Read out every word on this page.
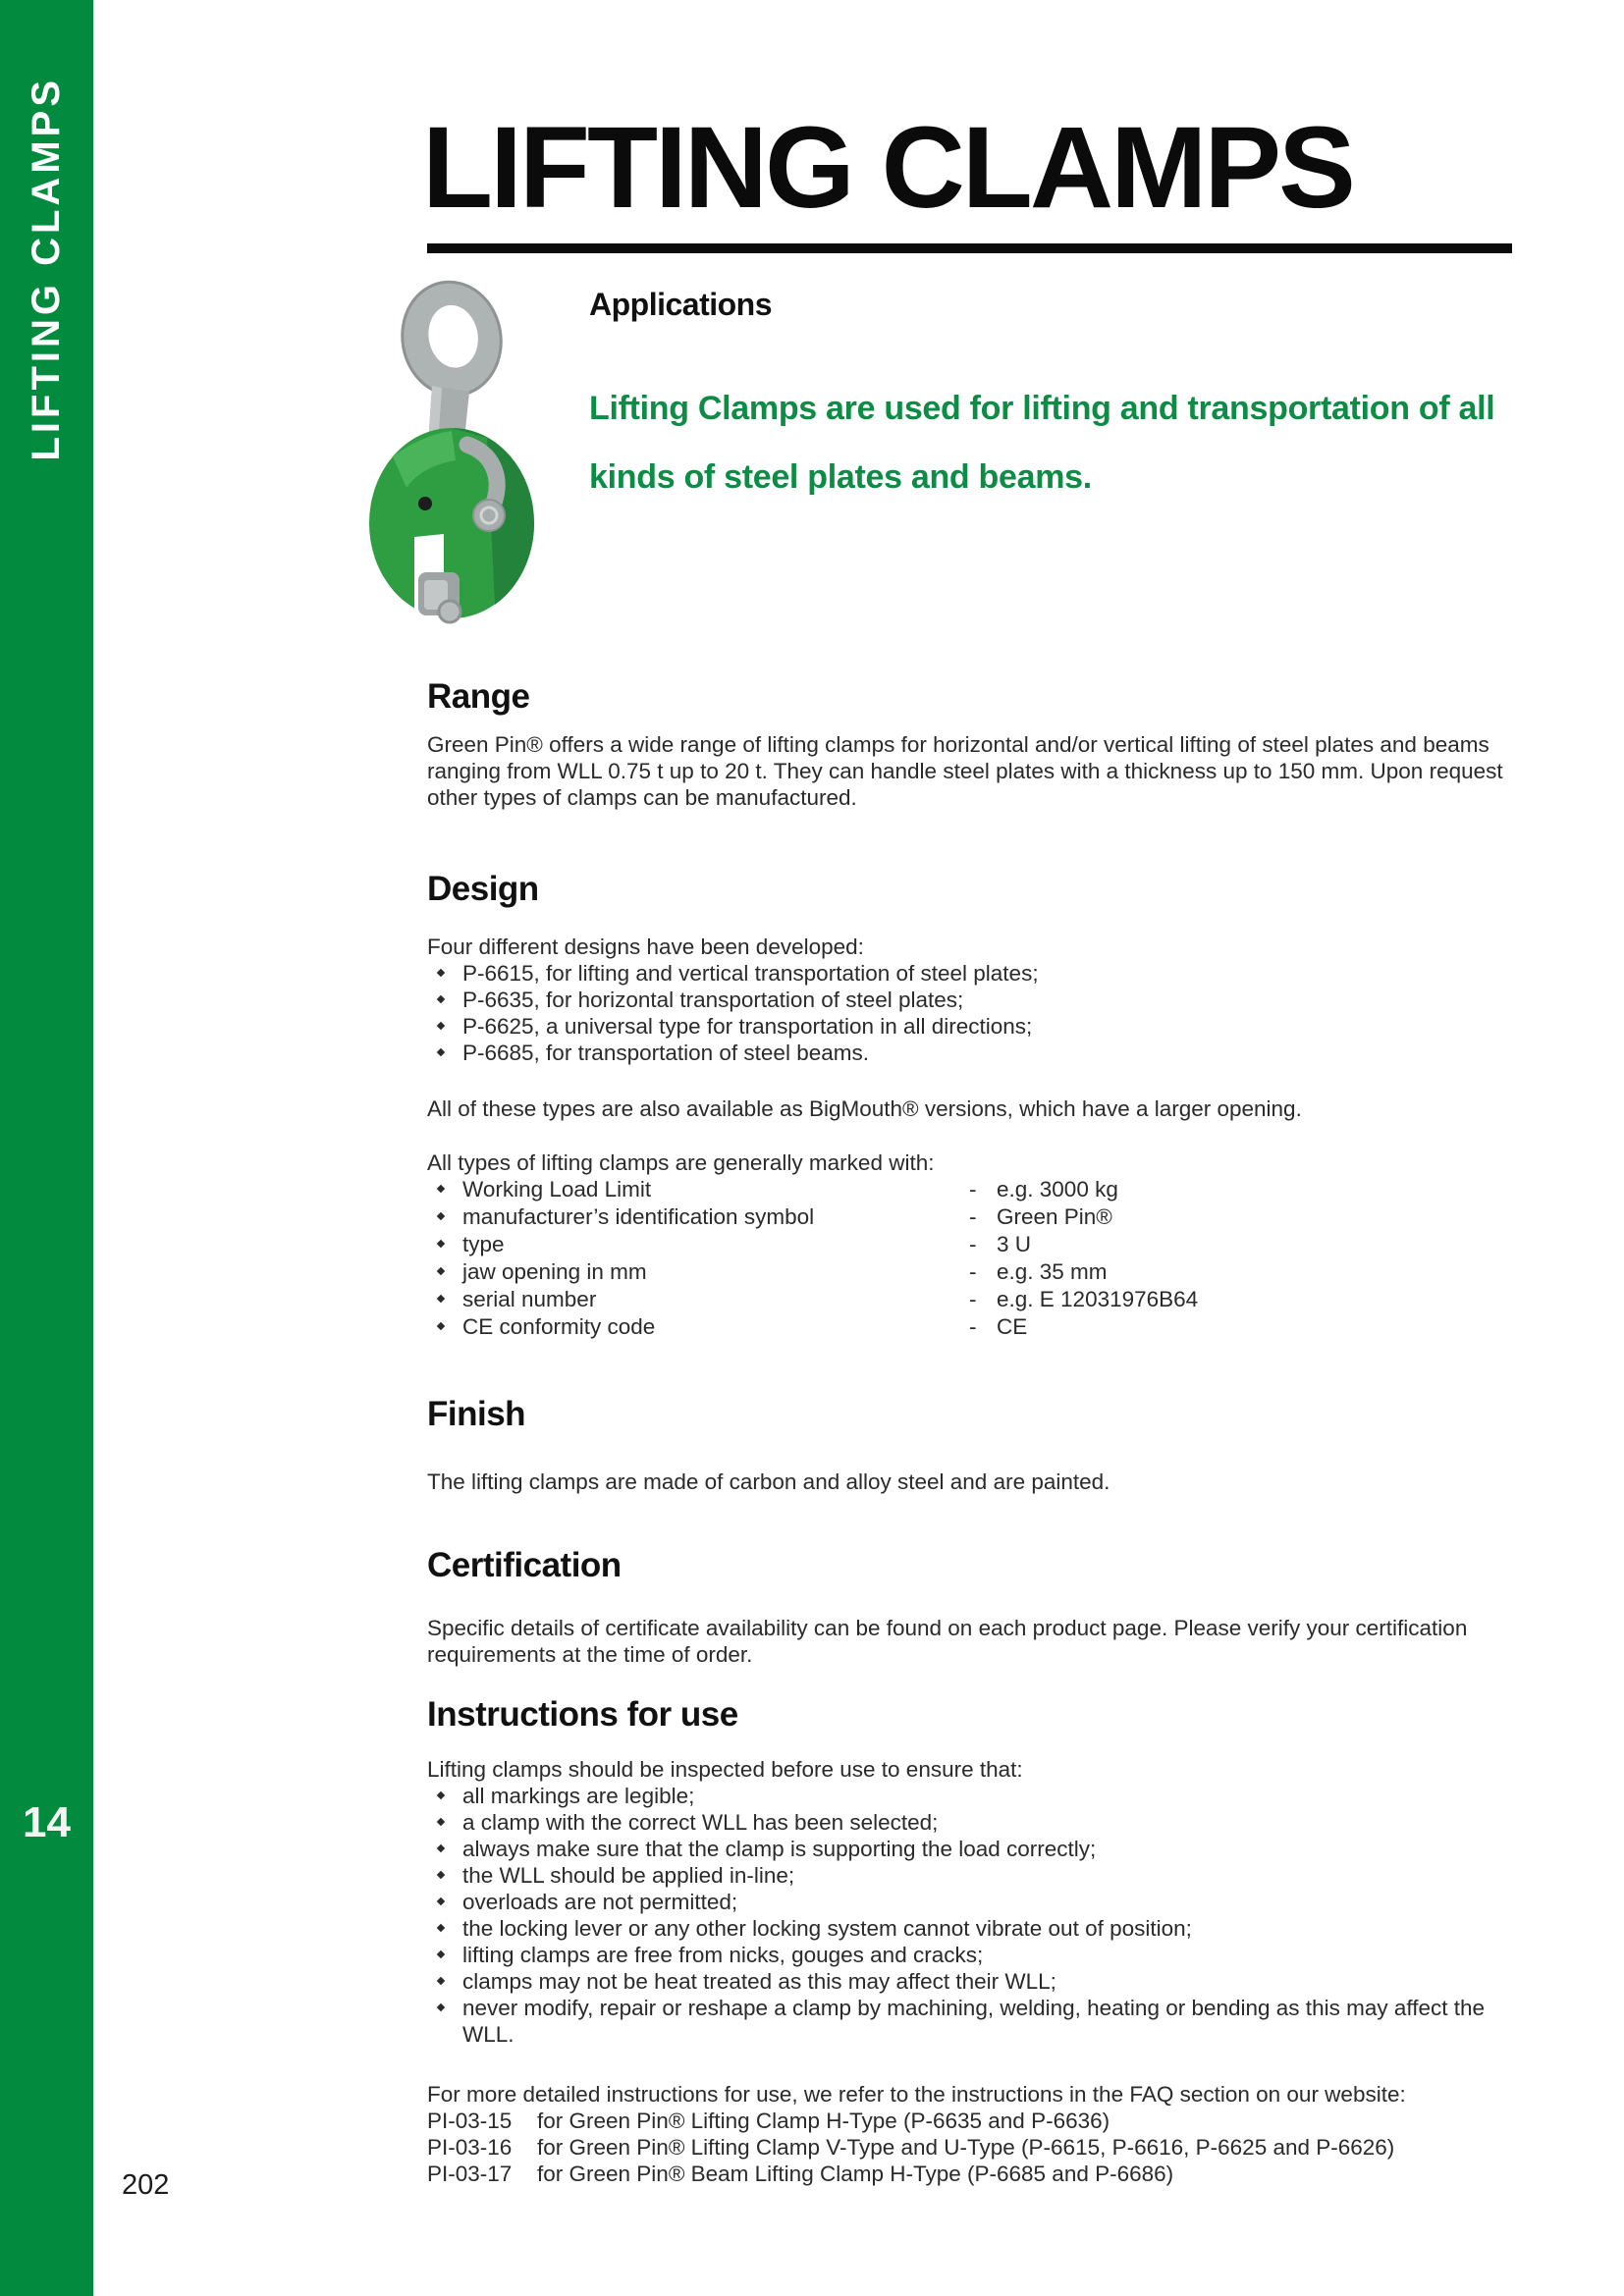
LIFTING CLAMPS
14
202
LIFTING CLAMPS
Applications
Lifting Clamps are used for lifting and transportation of all kinds of steel plates and beams.
Range

Green Pin® offers a wide range of lifting clamps for horizontal and/or vertical lifting of steel plates and beams ranging from WLL 0.75 t up to 20 t. They can handle steel plates with a thickness up to 150 mm. Upon request other types of clamps can be manufactured.

Design

Four different designs have been developed:

P-6615, for lifting and vertical transportation of steel plates;
P-6635, for horizontal transportation of steel plates;
P-6625, a universal type for transportation in all directions;
P-6685, for transportation of steel beams.

All of these types are also available as BigMouth® versions, which have a larger opening.

All types of lifting clamps are generally marked with:

Working Load Limit	- e.g. 3000 kg
manufacturer’s identification symbol	- Green Pin®
type	- 3 U
jaw opening in mm	- e.g. 35 mm
serial number	- e.g. E 12031976B64
CE conformity code	- CE
Finish

The lifting clamps are made of carbon and alloy steel and are painted.

Certification

Specific details of certificate availability can be found on each product page. Please verify your certification requirements at the time of order.

Instructions for use

Lifting clamps should be inspected before use to ensure that:

all markings are legible;
a clamp with the correct WLL has been selected;
always make sure that the clamp is supporting the load correctly;
the WLL should be applied in-line;
overloads are not permitted;
the locking lever or any other locking system cannot vibrate out of position;
lifting clamps are free from nicks, gouges and cracks;
clamps may not be heat treated as this may affect their WLL;
never modify, repair or reshape a clamp by machining, welding, heating or bending as this may affect the WLL.

For more detailed instructions for use, we refer to the instructions in the FAQ section on our website:

PI-03-15	for Green Pin® Lifting Clamp H-Type (P-6635 and P-6636)
PI-03-16	for Green Pin® Lifting Clamp V-Type and U-Type (P-6615, P-6616, P-6625 and P-6626)
PI-03-17	for Green Pin® Beam Lifting Clamp H-Type (P-6685 and P-6686)
